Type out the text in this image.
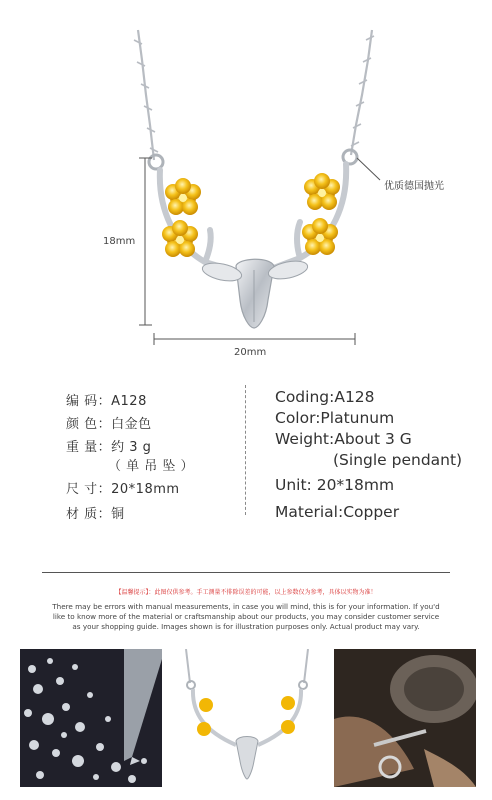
18mm
20mm
优质德国抛光
编 码：A128
颜 色：白金色
重 量：约 3 g
（ 单 吊 坠 ）
尺 寸：20*18mm
材 质：铜
Coding:A128
Color:Platunum
Weight:About 3 G
(Single pendant)
Unit: 20*18mm
Material:Copper
【温馨提示】：此图仅供参考。手工测量不排除误差的可能，以上参数仅为参考，具体以实物为准！
There may be errors with manual measurements, in case you will mind, this is for your information. If you'd
like to know more of the material or craftsmanship about our products, you may consider customer service
as your shopping guide. Images shown is for illustration purposes only. Actual product may vary.
